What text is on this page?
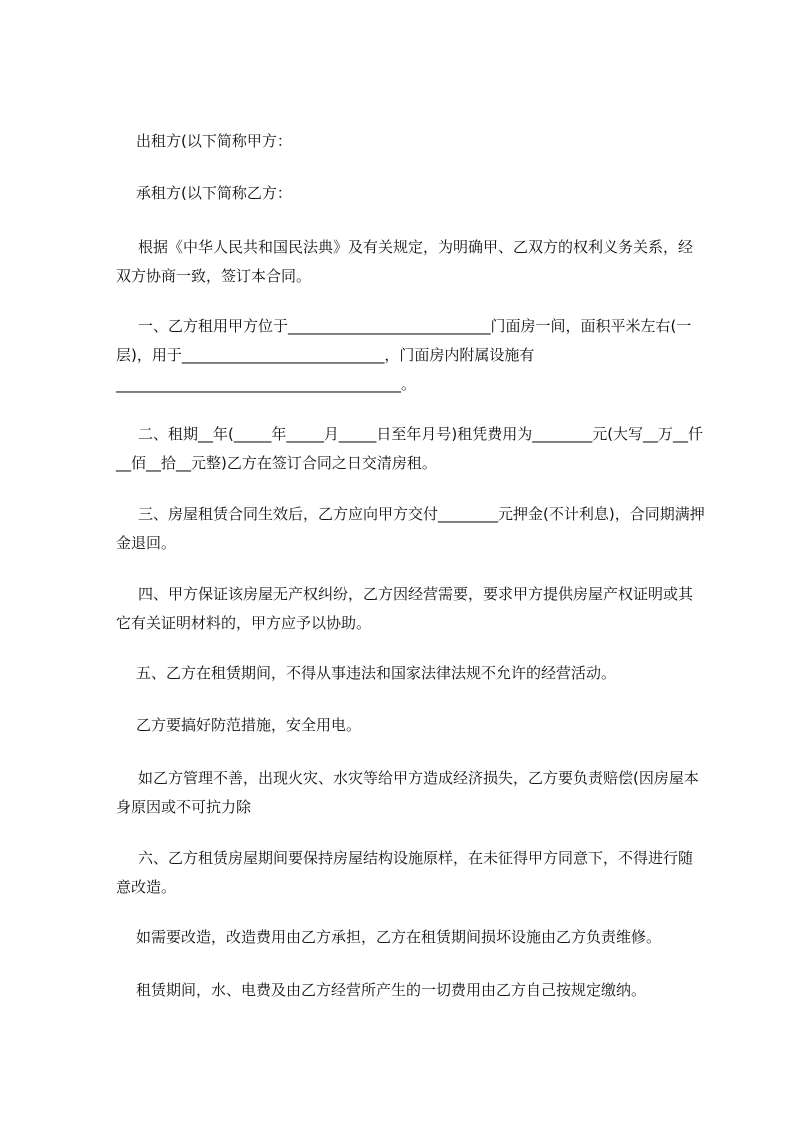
出租方(以下简称甲方：

承租方(以下简称乙方：

根据《中华人民共和国民法典》及有关规定，为明确甲、乙双方的权利义务关系，经双方协商一致，签订本合同。

一、乙方租用甲方位于___________________________门面房一间，面积平米左右(一层)，用于___________________________，门面房内附属设施有______________________________________。

二、租期__年(_____年_____月_____日至年月号)租凭费用为________元(大写__万__仟__佰__拾__元整)乙方在签订合同之日交清房租。

三、房屋租赁合同生效后，乙方应向甲方交付________元押金(不计利息)，合同期满押金退回。

四、甲方保证该房屋无产权纠纷，乙方因经营需要，要求甲方提供房屋产权证明或其它有关证明材料的，甲方应予以协助。

五、乙方在租赁期间，不得从事违法和国家法律法规不允许的经营活动。

乙方要搞好防范措施，安全用电。

如乙方管理不善，出现火灾、水灾等给甲方造成经济损失，乙方要负责赔偿(因房屋本身原因或不可抗力除

六、乙方租赁房屋期间要保持房屋结构设施原样，在未征得甲方同意下，不得进行随意改造。

如需要改造，改造费用由乙方承担，乙方在租赁期间损坏设施由乙方负责维修。

租赁期间，水、电费及由乙方经营所产生的一切费用由乙方自己按规定缴纳。
